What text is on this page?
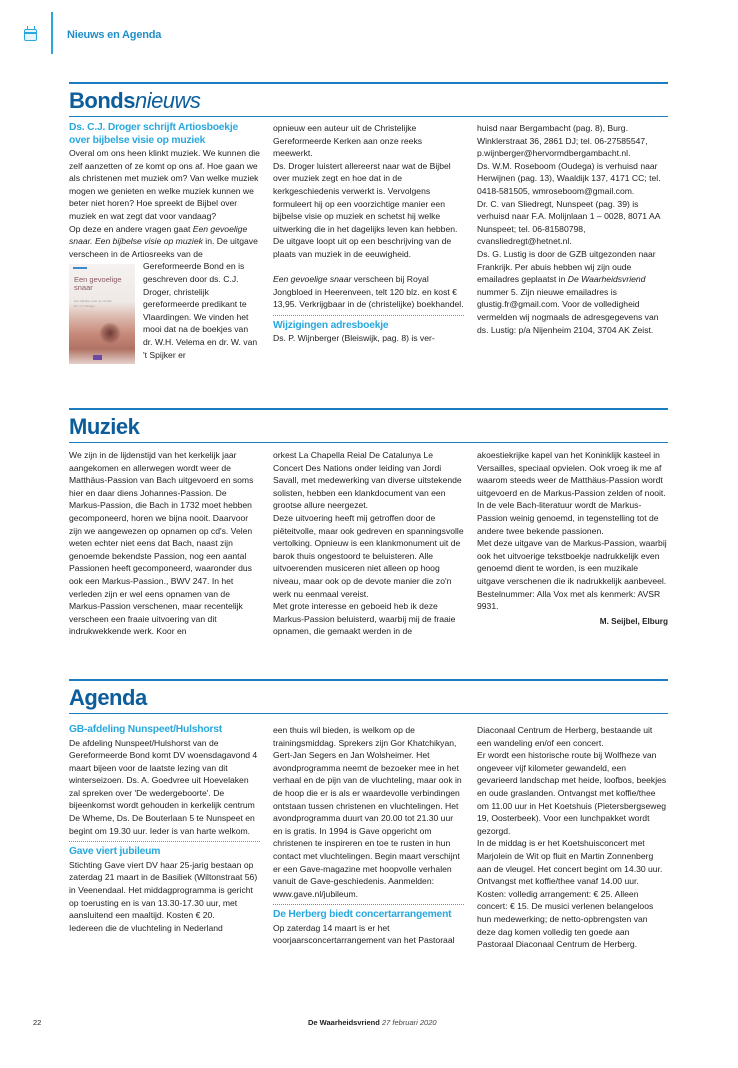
Nieuws en Agenda
Bondsnieuws
Ds. C.J. Droger schrijft Artiosboekje over bijbelse visie op muziek

Overal om ons heen klinkt muziek. We kunnen die zelf aanzetten of ze komt op ons af. Hoe gaan we als christenen met muziek om? Van welke muziek mogen we genieten en welke muziek kunnen we beter niet horen? Hoe spreekt de Bijbel over muziek en wat zegt dat voor vandaag?

Op deze en andere vragen gaat Een gevoelige snaar. Een bijbelse visie op muziek in. De uitgave verscheen in de Artiosreeks van de
Een gevoelige snaar
Een bijbelse visie op muziek
Ds. C.J. Droger
Gereformeerde Bond en is geschreven door ds. C.J. Droger, christelijk gereformeerde predikant te Vlaardingen. We vinden het mooi dat na de boekjes van dr. W.H. Velema en dr. W. van 't Spijker er

opnieuw een auteur uit de Christelijke Gereformeerde Kerken aan onze reeks meewerkt.

Ds. Droger luistert allereerst naar wat de Bijbel over muziek zegt en hoe dat in de kerkgeschiedenis verwerkt is. Vervolgens formuleert hij op een voorzichtige manier een bijbelse visie op muziek en schetst hij welke uitwerking die in het dagelijks leven kan hebben. De uitgave loopt uit op een beschrijving van de plaats van muziek in de eeuwigheid.

Een gevoelige snaar verscheen bij Royal Jongbloed in Heerenveen, telt 120 blz. en kost € 13,95. Verkrijgbaar in de (christelijke) boekhandel.

Wijzigingen adresboekje

Ds. P. Wijnberger (Bleiswijk, pag. 8) is ver-

huisd naar Bergambacht (pag. 8), Burg. Winklerstraat 36, 2861 DJ; tel. 06-27585547, p.wijnberger@hervormdbergambacht.nl.

Ds. W.M. Roseboom (Oudega) is verhuisd naar Herwijnen (pag. 13), Waaldijk 137, 4171 CC; tel. 0418-581505, wmroseboom@gmail.com.

Dr. C. van Sliedregt, Nunspeet (pag. 39) is verhuisd naar F.A. Molijnlaan 1 – 0028, 8071 AA Nunspeet; tel. 06-81580798, cvansliedregt@hetnet.nl.

Ds. G. Lustig is door de GZB uitgezonden naar Frankrijk. Per abuis hebben wij zijn oude emailadres geplaatst in De Waarheidsvriend nummer 5. Zijn nieuwe emailadres is glustig.fr@gmail.com. Voor de volledigheid vermelden wij nogmaals de adresgegevens van ds. Lustig: p/a Nijenheim 2104, 3704 AK Zeist.

Muziek

We zijn in de lijdenstijd van het kerkelijk jaar aangekomen en allerwegen wordt weer de Matthäus-Passion van Bach uitgevoerd en soms hier en daar diens Johannes-Passion. De Markus-Passion, die Bach in 1732 moet hebben gecomponeerd, horen we bijna nooit. Daarvoor zijn we aangewezen op opnamen op cd's. Velen weten echter niet eens dat Bach, naast zijn genoemde bekendste Passion, nog een aantal Passionen heeft gecomponeerd, waaronder dus ook een Markus-Passion., BWV 247. In het verleden zijn er wel eens opnamen van de Markus-Passion verschenen, maar recentelijk verscheen een fraaie uitvoering van dit indrukwekkende werk. Koor en

orkest La Chapella Reial De Catalunya Le Concert Des Nations onder leiding van Jordi Savall, met medewerking van diverse uitstekende solisten, hebben een klankdocument van een grootse allure neergezet.

Deze uitvoering heeft mij getroffen door de piëteitvolle, maar ook gedreven en spanningsvolle vertolking. Opnieuw is een klankmonument uit de barok thuis ongestoord te beluisteren. Alle uitvoerenden musiceren niet alleen op hoog niveau, maar ook op de devote manier die zo'n werk nu eenmaal vereist.

Met grote interesse en geboeid heb ik deze Markus-Passion beluisterd, waarbij mij de fraaie opnamen, die gemaakt werden in de

akoestiekrijke kapel van het Koninklijk kasteel in Versailles, speciaal opvielen. Ook vroeg ik me af waarom steeds weer de Matthäus-Passion wordt uitgevoerd en de Markus-Passion zelden of nooit. In de vele Bach-literatuur wordt de Markus-Passion weinig genoemd, in tegenstelling tot de andere twee bekende passionen.

Met deze uitgave van de Markus-Passion, waarbij ook het uitvoerige tekstboekje nadrukkelijk even genoemd dient te worden, is een muzikale uitgave verschenen die ik nadrukkelijk aanbeveel.

Bestelnummer: Alla Vox met als kenmerk: AVSR 9931.

M. Seijbel, Elburg
Agenda
GB-afdeling Nunspeet/Hulshorst

De afdeling Nunspeet/Hulshorst van de Gereformeerde Bond komt DV woensdagavond 4 maart bijeen voor de laatste lezing van dit winterseizoen. Ds. A. Goedvree uit Hoevelaken zal spreken over 'De wedergeboorte'. De bijeenkomst wordt gehouden in kerkelijk centrum De Wheme, Ds. De Bouterlaan 5 te Nunspeet en begint om 19.30 uur. Ieder is van harte welkom.

Gave viert jubileum

Stichting Gave viert DV haar 25-jarig bestaan op zaterdag 21 maart in de Basiliek (Wiltonstraat 56) in Veenendaal. Het middagprogramma is gericht op toerusting en is van 13.30-17.30 uur, met aansluitend een maaltijd. Kosten € 20.

Iedereen die de vluchteling in Nederland

een thuis wil bieden, is welkom op de trainingsmiddag. Sprekers zijn Gor Khatchikyan, Gert-Jan Segers en Jan Wolsheimer. Het avondprogramma neemt de bezoeker mee in het verhaal en de pijn van de vluchteling, maar ook in de hoop die er is als er waardevolle verbindingen ontstaan tussen christenen en vluchtelingen. Het avondprogramma duurt van 20.00 tot 21.30 uur en is gratis. In 1994 is Gave opgericht om christenen te inspireren en toe te rusten in hun contact met vluchtelingen. Begin maart verschijnt er een Gave-magazine met hoopvolle verhalen vanuit de Gave-geschiedenis. Aanmelden: www.gave.nl/jubileum.

De Herberg biedt concertarrangement

Op zaterdag 14 maart is er het voorjaarsconcertarrangement van het Pastoraal

Diaconaal Centrum de Herberg, bestaande uit een wandeling en/of een concert.

Er wordt een historische route bij Wolfheze van ongeveer vijf kilometer gewandeld, een gevarieerd landschap met heide, loofbos, beekjes en oude graslanden. Ontvangst met koffie/thee om 11.00 uur in Het Koetshuis (Pietersbergseweg 19, Oosterbeek). Voor een lunchpakket wordt gezorgd.

In de middag is er het Koetshuisconcert met Marjolein de Wit op fluit en Martin Zonnenberg aan de vleugel. Het concert begint om 14.30 uur. Ontvangst met koffie/thee vanaf 14.00 uur. Kosten: volledig arrangement: € 25. Alleen concert: € 15. De musici verlenen belangeloos hun medewerking; de netto-opbrengsten van deze dag komen volledig ten goede aan Pastoraal Diaconaal Centrum de Herberg.

22	De Waarheidsvriend 27 februari 2020
